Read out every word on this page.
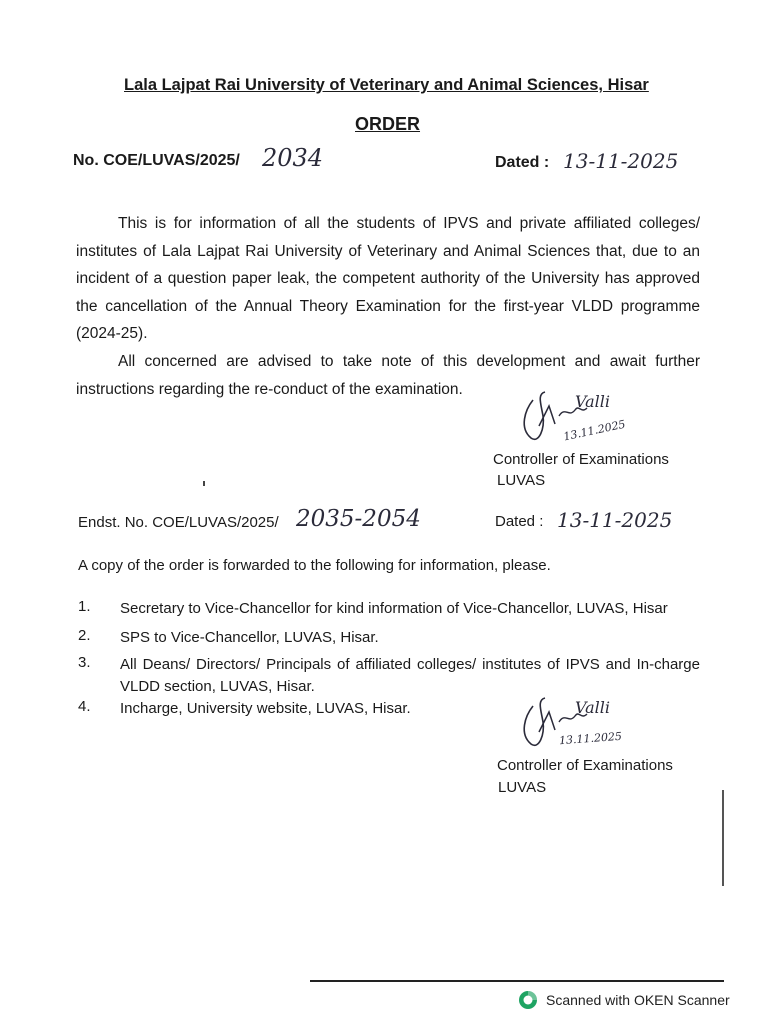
Lala Lajpat Rai University of Veterinary and Animal Sciences, Hisar
ORDER
No. COE/LUVAS/2025/ 2034	Dated : 13-11-2025
This is for information of all the students of IPVS and private affiliated colleges/ institutes of Lala Lajpat Rai University of Veterinary and Animal Sciences that, due to an incident of a question paper leak, the competent authority of the University has approved the cancellation of the Annual Theory Examination for the first-year VLDD programme (2024-25).
All concerned are advised to take note of this development and await further instructions regarding the re-conduct of the examination.
13.11.2025
Valli
Controller of Examinations
LUVAS
Endst. No. COE/LUVAS/2025/ 2035-2054	Dated : 13-11-2025
A copy of the order is forwarded to the following for information, please.
1. Secretary to Vice-Chancellor for kind information of Vice-Chancellor, LUVAS, Hisar
2. SPS to Vice-Chancellor, LUVAS, Hisar.
3. All Deans/ Directors/ Principals of affiliated colleges/ institutes of IPVS and In-charge VLDD section, LUVAS, Hisar.
4. Incharge, University website, LUVAS, Hisar.
13.11.2025
Valli
Controller of Examinations
LUVAS
Scanned with OKEN Scanner
